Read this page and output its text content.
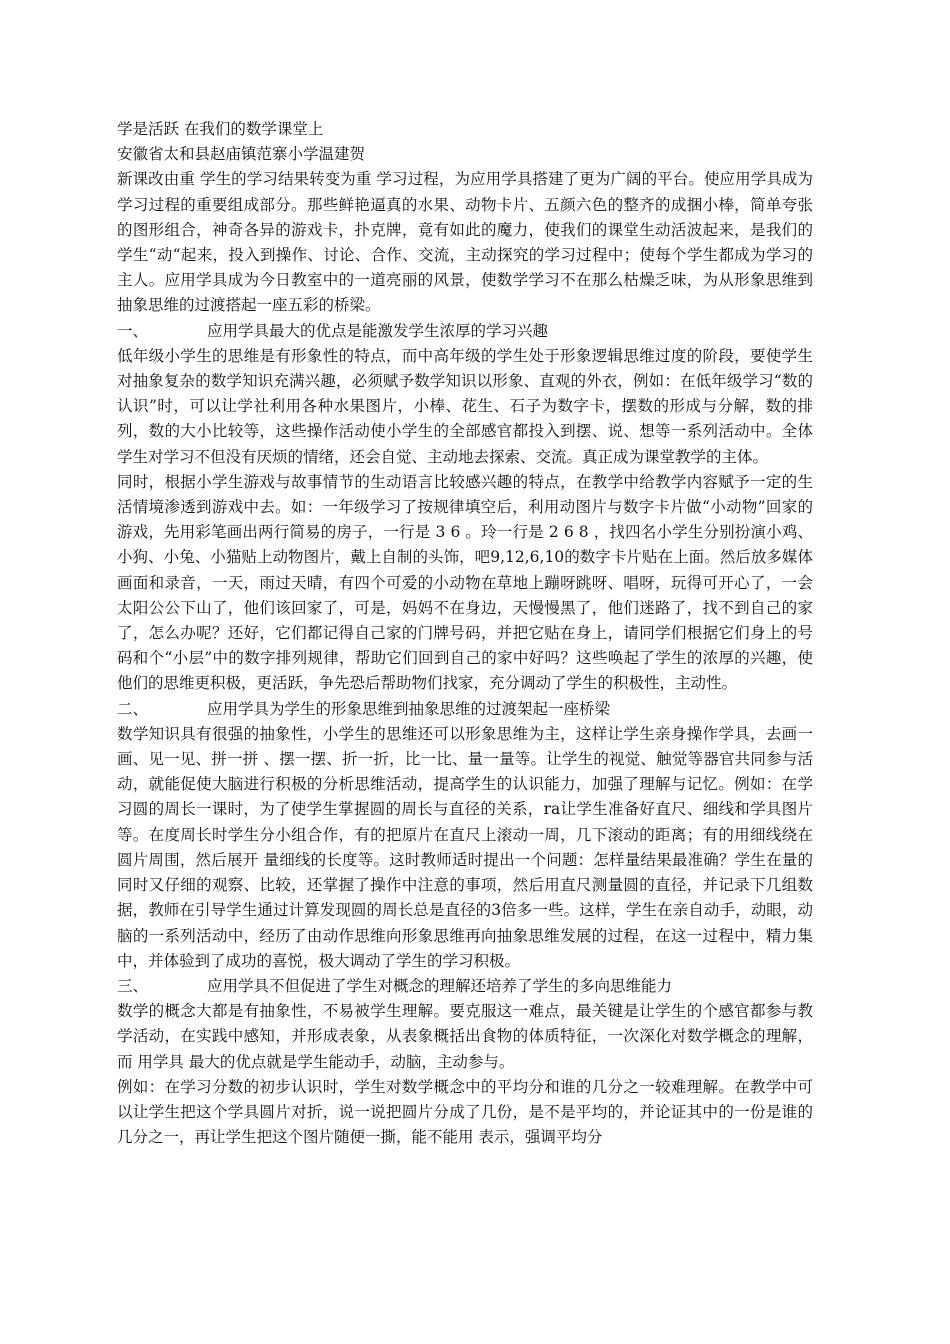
学是活跃 在我们的数学课堂上

安徽省太和县赵庙镇范寨小学温建贺

新课改由重 学生的学习结果转变为重 学习过程，为应用学具搭建了更为广阔的平台。使应用学具成为学习过程的重要组成部分。那些鲜艳逼真的水果、动物卡片、五颜六色的整齐的成捆小棒，简单夸张的图形组合，神奇各异的游戏卡，扑克牌，竟有如此的魔力，使我们的课堂生动活波起来，是我们的学生“动“起来，投入到操作、讨论、合作、交流，主动探究的学习过程中；使每个学生都成为学习的主人。应用学具成为今日教室中的一道亮丽的风景，使数学学习不在那么枯燥乏味，为从形象思维到抽象思维的过渡搭起一座五彩的桥梁。

一、	应用学具最大的优点是能激发学生浓厚的学习兴趣

低年级小学生的思维是有形象性的特点，而中高年级的学生处于形象逻辑思维过度的阶段，要使学生对抽象复杂的数学知识充满兴趣，必须赋予数学知识以形象、直观的外衣，例如：在低年级学习“数的认识”时，可以让学社利用各种水果图片，小棒、花生、石子为数字卡，摆数的形成与分解，数的排列，数的大小比较等，这些操作活动使小学生的全部感官都投入到摆、说、想等一系列活动中。全体学生对学习不但没有厌烦的情绪，还会自觉、主动地去探索、交流。真正成为课堂教学的主体。

同时，根据小学生游戏与故事情节的生动语言比较感兴趣的特点，在教学中给教学内容赋予一定的生活情境渗透到游戏中去。如：一年级学习了按规律填空后，利用动图片与数字卡片做“小动物”回家的游戏，先用彩笔画出两行简易的房子，一行是 3 6 。玲一行是 2 6 8 ，找四名小学生分别扮演小鸡、小狗、小兔、小猫贴上动物图片，戴上自制的头饰，吧9,12,6,10的数字卡片贴在上面。然后放多媒体画面和录音，一天，雨过天晴，有四个可爱的小动物在草地上蹦呀跳呀、唱呀，玩得可开心了，一会太阳公公下山了，他们该回家了，可是，妈妈不在身边，天慢慢黑了，他们迷路了，找不到自己的家了，怎么办呢？还好，它们都记得自己家的门牌号码，并把它贴在身上，请同学们根据它们身上的号码和个“小层”中的数字排列规律，帮助它们回到自己的家中好吗？这些唤起了学生的浓厚的兴趣，使他们的思维更积极，更活跃，争先恐后帮助物们找家，充分调动了学生的积极性，主动性。

二、	应用学具为学生的形象思维到抽象思维的过渡架起一座桥梁

数学知识具有很强的抽象性，小学生的思维还可以形象思维为主，这样让学生亲身操作学具，去画一画、见一见、拼一拼 、摆一摆、折一折，比一比、量一量等。让学生的视觉、触觉等器官共同参与活动，就能促使大脑进行积极的分析思维活动，提高学生的认识能力，加强了理解与记忆。例如：在学习圆的周长一课时，为了使学生掌握圆的周长与直径的关系，ra让学生准备好直尺、细线和学具图片等。在度周长时学生分小组合作，有的把原片在直尺上滚动一周，几下滚动的距离；有的用细线绕在圆片周围，然后展开 量细线的长度等。这时教师适时提出一个问题：怎样量结果最准确？学生在量的同时又仔细的观察、比较，还掌握了操作中注意的事项，然后用直尺测量圆的直径，并记录下几组数据，教师在引导学生通过计算发现圆的周长总是直径的3倍多一些。这样，学生在亲自动手，动眼，动脑的一系列活动中，经历了由动作思维向形象思维再向抽象思维发展的过程，在这一过程中，精力集中，并体验到了成功的喜悦，极大调动了学生的学习积极。

三、	应用学具不但促进了学生对概念的理解还培养了学生的多向思维能力

数学的概念大都是有抽象性，不易被学生理解。要克服这一难点，最关键是让学生的个感官都参与教学活动，在实践中感知，并形成表象，从表象概括出食物的体质特征，一次深化对数学概念的理解，而 用学具 最大的优点就是学生能动手，动脑，主动参与。

例如：在学习分数的初步认识时，学生对数学概念中的平均分和谁的几分之一较难理解。在教学中可以让学生把这个学具圆片对折，说一说把圆片分成了几份，是不是平均的，并论证其中的一份是谁的几分之一，再让学生把这个图片随便一撕，能不能用 表示，强调平均分
